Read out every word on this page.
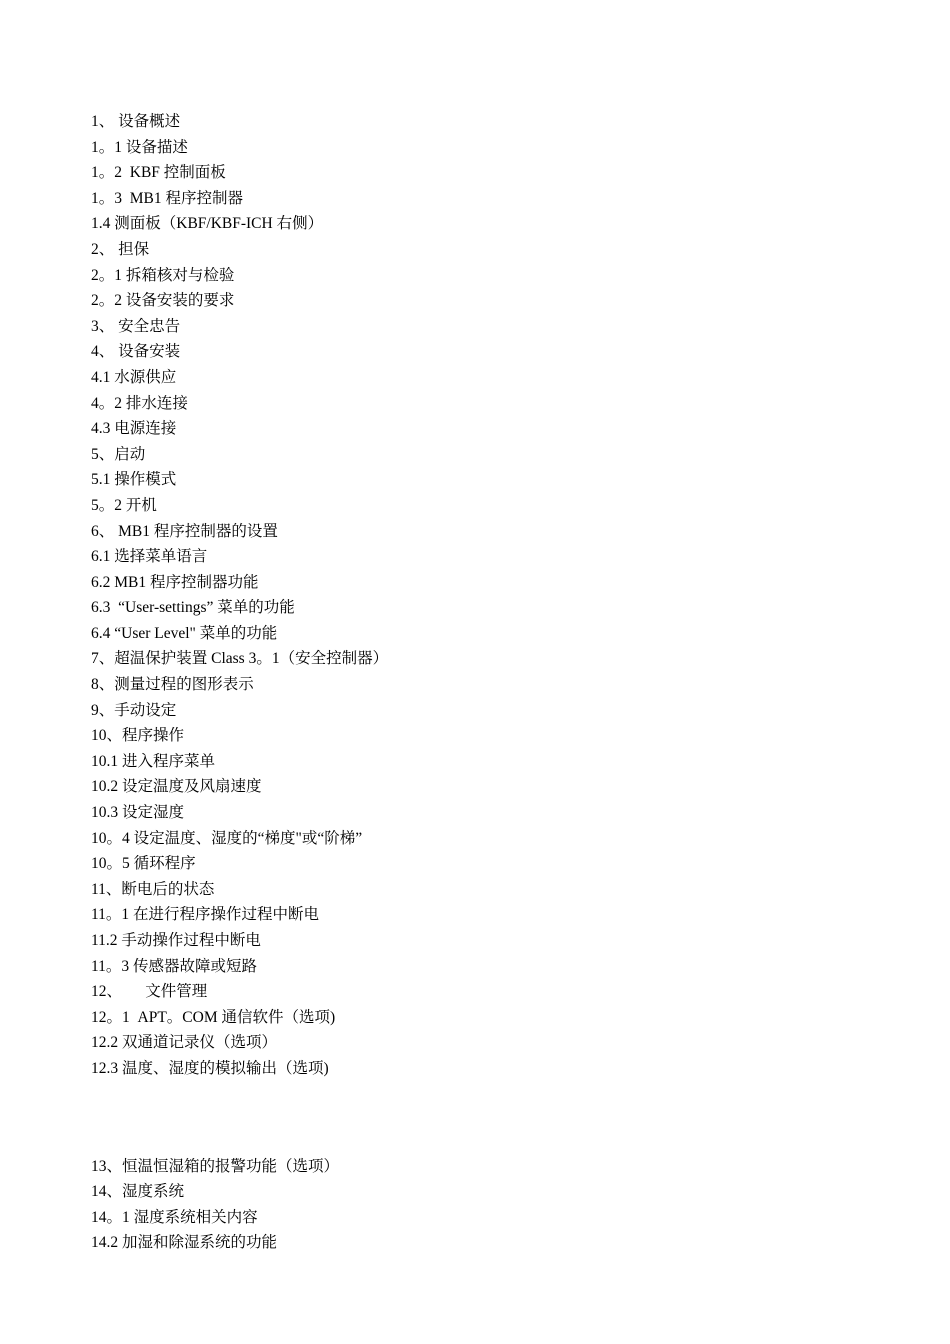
1、 设备概述

1。1 设备描述

1。2  KBF 控制面板

1。3  MB1 程序控制器

1.4 测面板（KBF/KBF-ICH 右侧）

2、 担保

2。1 拆箱核对与检验

2。2 设备安装的要求

3、 安全忠告

4、 设备安装

4.1 水源供应

4。2 排水连接

4.3 电源连接

5、启动

5.1 操作模式

5。2 开机

6、 MB1 程序控制器的设置

6.1 选择菜单语言

6.2 MB1 程序控制器功能

6.3  “User-settings” 菜单的功能

6.4 “User Level" 菜单的功能

7、超温保护装置 Class 3。1（安全控制器）

8、测量过程的图形表示

9、手动设定

10、程序操作

10.1 进入程序菜单

10.2 设定温度及风扇速度

10.3 设定湿度

10。4 设定温度、湿度的“梯度"或“阶梯”

10。5 循环程序

11、断电后的状态

11。1 在进行程序操作过程中断电

11.2 手动操作过程中断电

11。3 传感器故障或短路

12、      文件管理

12。1  APT。COM 通信软件（选项)

12.2 双通道记录仪（选项）

12.3 温度、湿度的模拟输出（选项)

13、恒温恒湿箱的报警功能（选项）

14、湿度系统

14。1 湿度系统相关内容

14.2 加湿和除湿系统的功能
